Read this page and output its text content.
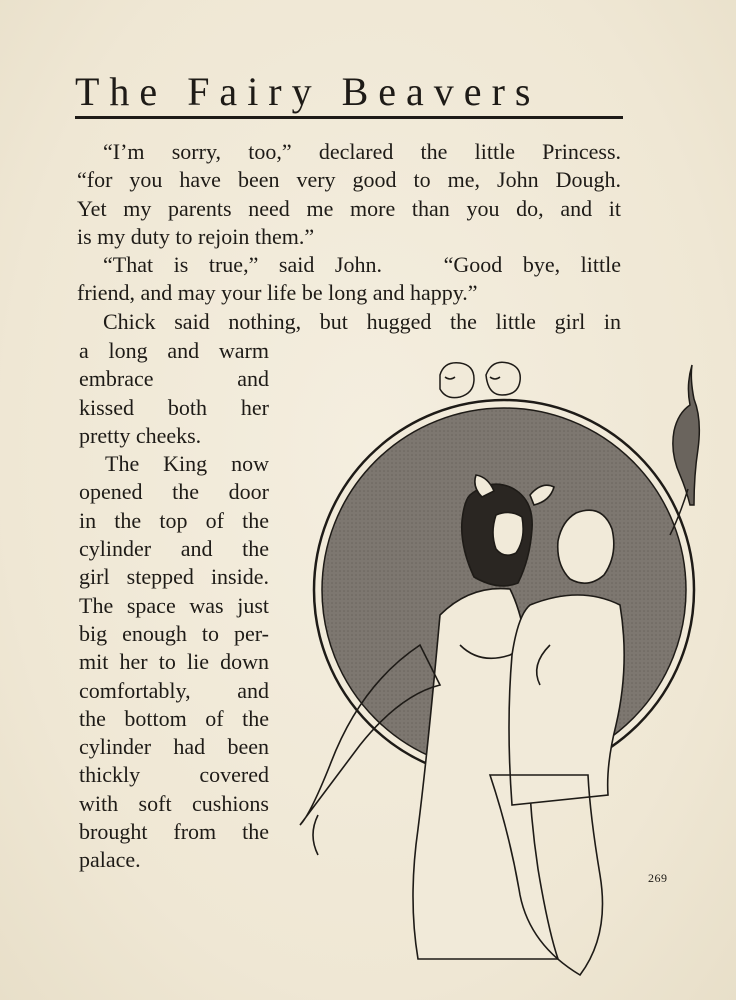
The Fairy Beavers

“I’m sorry, too,” declared the little Princess.

“for you have been very good to me, John Dough.

Yet my parents need me more than you do, and it

is my duty to rejoin them.”

“That is true,” said John.   “Good bye, little

friend, and may your life be long and happy.”

Chick said nothing, but hugged the little girl in

a long and warm
embrace and
kissed both her
pretty cheeks.
The King now
opened the door
in the top of the
cylinder and the
girl stepped inside.
The space was just
big enough to per-
mit her to lie down
comfortably, and
the bottom of the
cylinder had been
thickly covered
with soft cushions
brought from the
palace.
269
